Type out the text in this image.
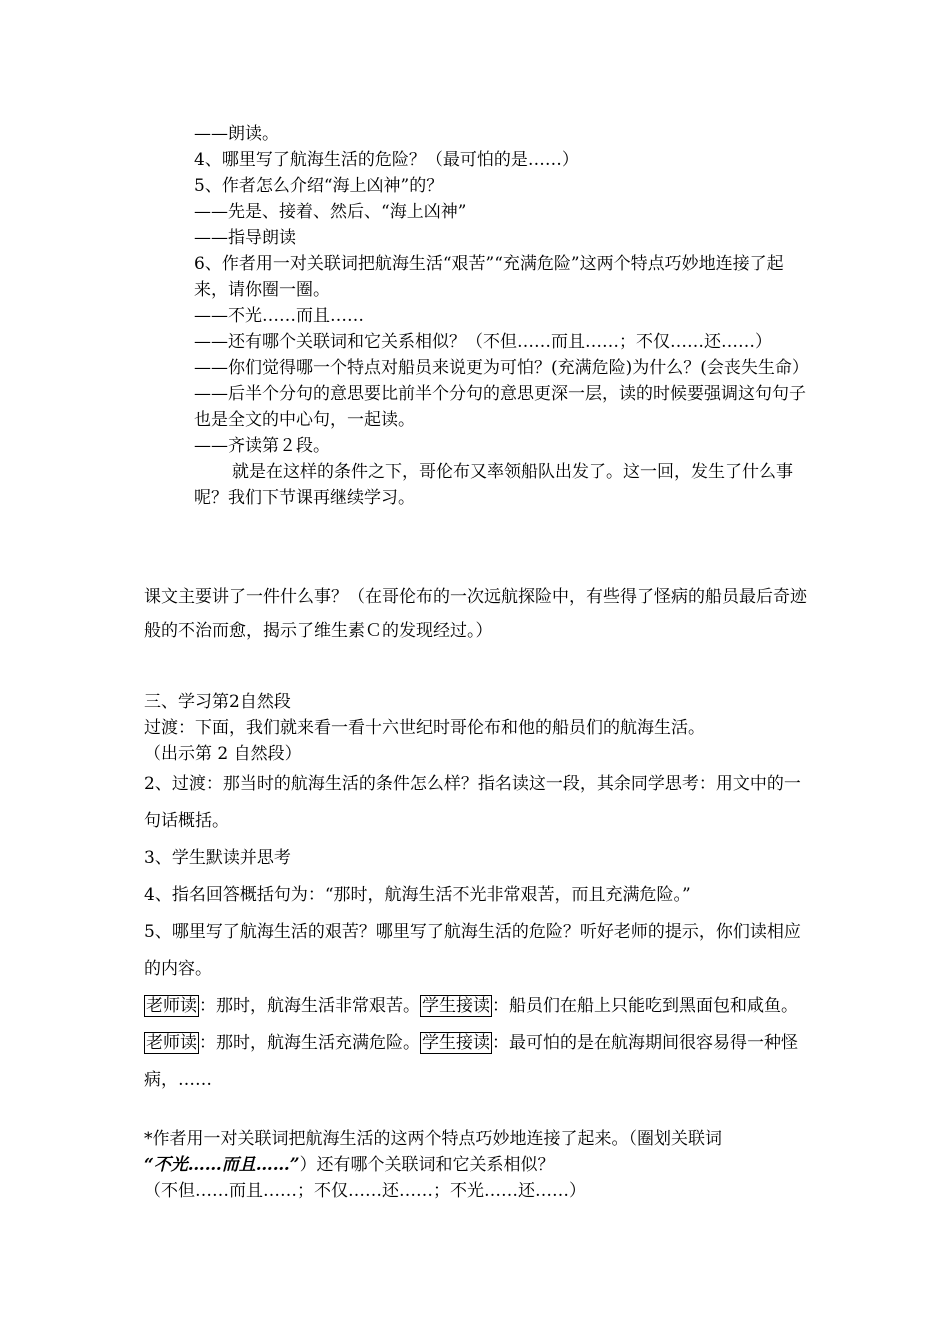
——朗读。

4、哪里写了航海生活的危险？（最可怕的是……）

5、作者怎么介绍“海上凶神”的？

——先是、接着、然后、“海上凶神”

——指导朗读

6、作者用一对关联词把航海生活“艰苦”“充满危险”这两个特点巧妙地连接了起来，请你圈一圈。

——不光……而且……

——还有哪个关联词和它关系相似？（不但……而且……；不仅……还……）

——你们觉得哪一个特点对船员来说更为可怕？(充满危险)为什么？(会丧失生命）

——后半个分句的意思要比前半个分句的意思更深一层，读的时候要强调这句句子也是全文的中心句，一起读。

——齐读第２段。

就是在这样的条件之下，哥伦布又率领船队出发了。这一回，发生了什么事呢？我们下节课再继续学习。

课文主要讲了一件什么事？（在哥伦布的一次远航探险中，有些得了怪病的船员最后奇迹般的不治而愈，揭示了维生素Ｃ的发现经过。）

三、学习第2自然段

过渡：下面，我们就来看一看十六世纪时哥伦布和他的船员们的航海生活。

（出示第 2 自然段）

2、过渡：那当时的航海生活的条件怎么样？指名读这一段，其余同学思考：用文中的一句话概括。

3、学生默读并思考

4、指名回答概括句为：“那时，航海生活不光非常艰苦，而且充满危险。”

5、哪里写了航海生活的艰苦？哪里写了航海生活的危险？听好老师的提示，你们读相应的内容。

老师读 ：那时，航海生活非常艰苦。 学生接读 ：船员们在船上只能吃到黑面包和咸鱼。

老师读 ：那时，航海生活充满危险。 学生接读 ：最可怕的是在航海期间很容易得一种怪病，……

*作者用一对关联词把航海生活的这两个特点巧妙地连接了起来。（圈划关联词

“不光……而且……”）还有哪个关联词和它关系相似？

（不但……而且……；不仅……还……；不光……还……）
